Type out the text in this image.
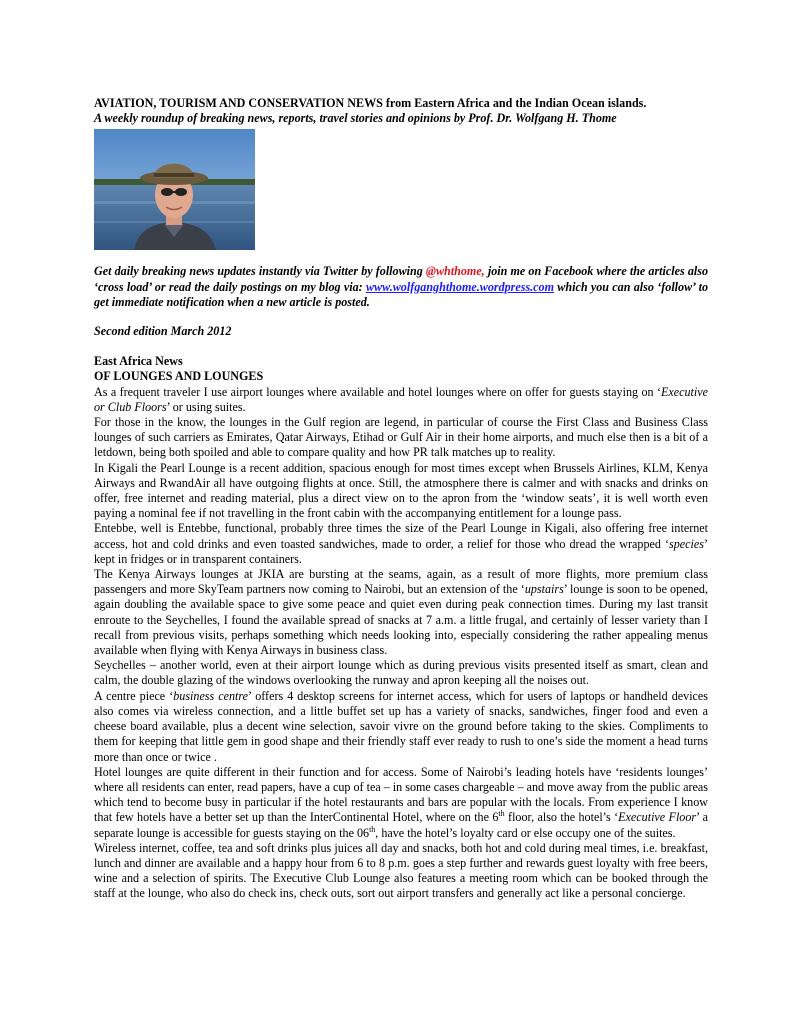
AVIATION, TOURISM AND CONSERVATION NEWS from Eastern Africa and the Indian Ocean islands.
A weekly roundup of breaking news, reports, travel stories and opinions by Prof. Dr. Wolfgang H. Thome
Get daily breaking news updates instantly via Twitter by following @whthome, join me on Facebook where the articles also ‘cross load’ or read the daily postings on my blog via: www.wolfganghthome.wordpress.com which you can also ‘follow’ to get immediate notification when a new article is posted.
Second edition March 2012
East Africa News
OF LOUNGES AND LOUNGES

As a frequent traveler I use airport lounges where available and hotel lounges where on offer for guests staying on ‘Executive or Club Floors’ or using suites.

For those in the know, the lounges in the Gulf region are legend, in particular of course the First Class and Business Class lounges of such carriers as Emirates, Qatar Airways, Etihad or Gulf Air in their home airports, and much else then is a bit of a letdown, being both spoiled and able to compare quality and how PR talk matches up to reality.

In Kigali the Pearl Lounge is a recent addition, spacious enough for most times except when Brussels Airlines, KLM, Kenya Airways and RwandAir all have outgoing flights at once. Still, the atmosphere there is calmer and with snacks and drinks on offer, free internet and reading material, plus a direct view on to the apron from the ‘window seats’, it is well worth even paying a nominal fee if not travelling in the front cabin with the accompanying entitlement for a lounge pass.

Entebbe, well is Entebbe, functional, probably three times the size of the Pearl Lounge in Kigali, also offering free internet access, hot and cold drinks and even toasted sandwiches, made to order, a relief for those who dread the wrapped ‘species’ kept in fridges or in transparent containers.

The Kenya Airways lounges at JKIA are bursting at the seams, again, as a result of more flights, more premium class passengers and more SkyTeam partners now coming to Nairobi, but an extension of the ‘upstairs’ lounge is soon to be opened, again doubling the available space to give some peace and quiet even during peak connection times. During my last transit enroute to the Seychelles, I found the available spread of snacks at 7 a.m. a little frugal, and certainly of lesser variety than I recall from previous visits, perhaps something which needs looking into, especially considering the rather appealing menus available when flying with Kenya Airways in business class.

Seychelles – another world, even at their airport lounge which as during previous visits presented itself as smart, clean and calm, the double glazing of the windows overlooking the runway and apron keeping all the noises out.

A centre piece ‘business centre’ offers 4 desktop screens for internet access, which for users of laptops or handheld devices also comes via wireless connection, and a little buffet set up has a variety of snacks, sandwiches, finger food and even a cheese board available, plus a decent wine selection, savoir vivre on the ground before taking to the skies. Compliments to them for keeping that little gem in good shape and their friendly staff ever ready to rush to one’s side the moment a head turns more than once or twice .

Hotel lounges are quite different in their function and for access. Some of Nairobi’s leading hotels have ‘residents lounges’ where all residents can enter, read papers, have a cup of tea – in some cases chargeable – and move away from the public areas which tend to become busy in particular if the hotel restaurants and bars are popular with the locals. From experience I know that few hotels have a better set up than the InterContinental Hotel, where on the 6th floor, also the hotel’s ‘Executive Floor’ a separate lounge is accessible for guests staying on the 06th, have the hotel’s loyalty card or else occupy one of the suites.

Wireless internet, coffee, tea and soft drinks plus juices all day and snacks, both hot and cold during meal times, i.e. breakfast, lunch and dinner are available and a happy hour from 6 to 8 p.m. goes a step further and rewards guest loyalty with free beers, wine and a selection of spirits. The Executive Club Lounge also features a meeting room which can be booked through the staff at the lounge, who also do check ins, check outs, sort out airport transfers and generally act like a personal concierge.
